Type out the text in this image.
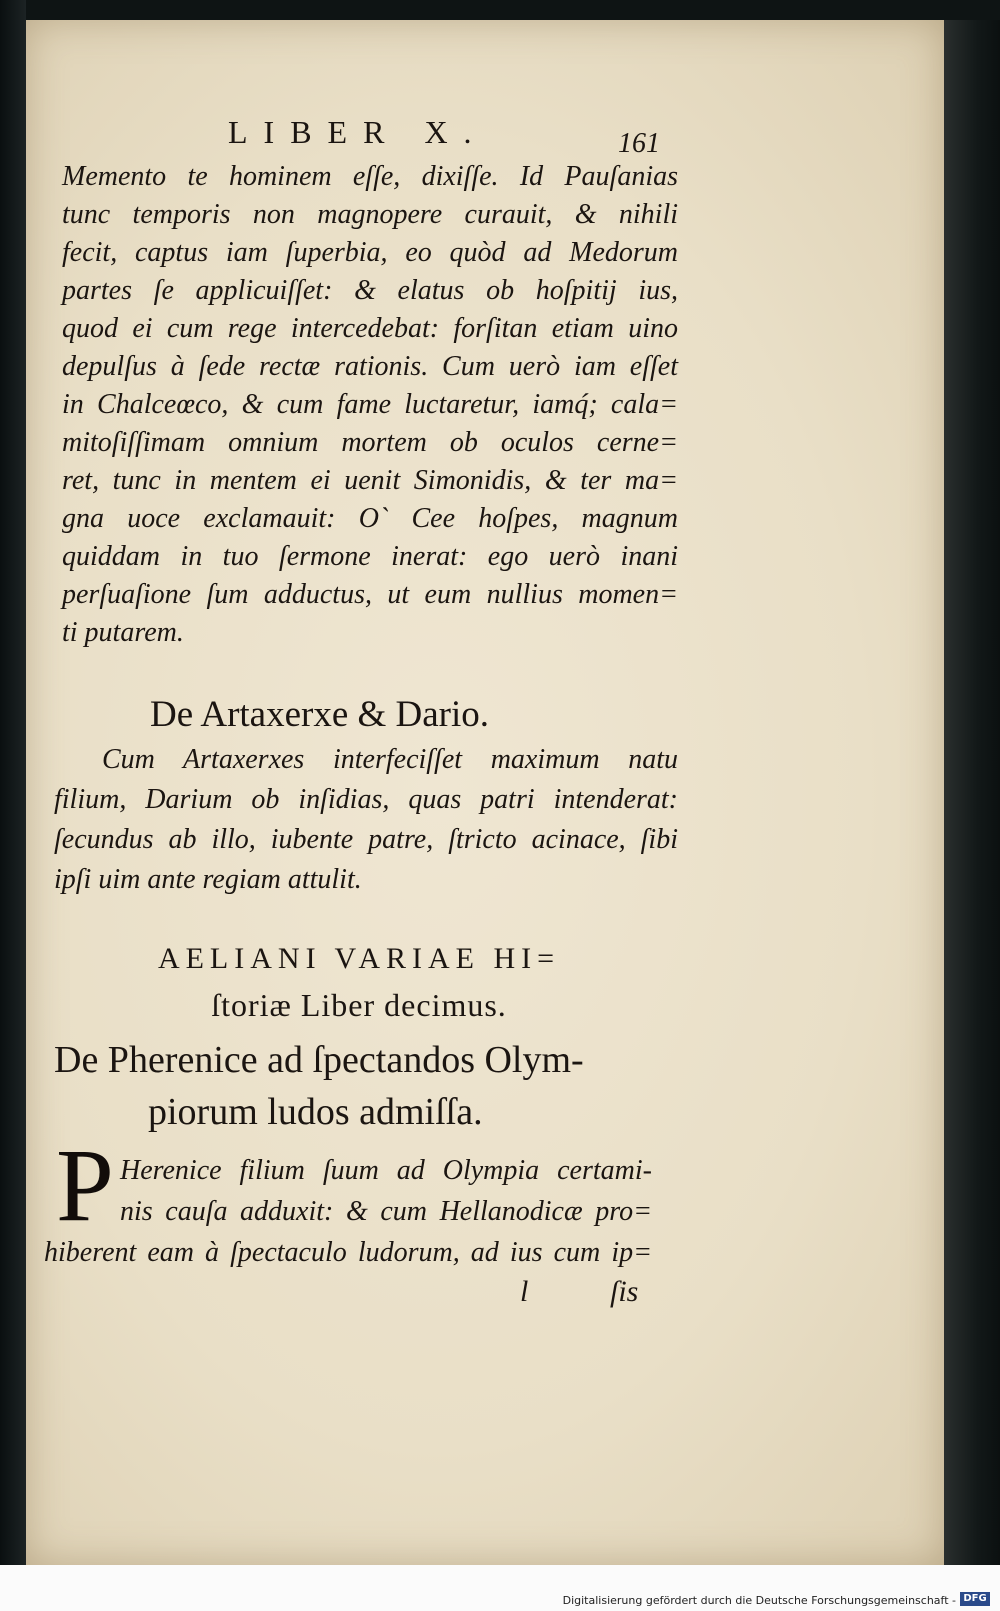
LIBER X.	161
Memento te hominem eſſe, dixiſſe. Id Pauſanias
tunc temporis non magnopere curauit, & nihili
fecit, captus iam ſuperbia, eo quòd ad Medorum
partes ſe applicuiſſet: & elatus ob hoſpitij ius,
quod ei cum rege intercedebat: forſitan etiam uino
depulſus à ſede rectæ rationis. Cum uerò iam eſſet
in Chalceœco, & cum fame luctaretur, iamq́; cala=
mitoſiſſimam omnium mortem ob oculos cerne=
ret, tunc in mentem ei uenit Simonidis, & ter ma=
gna uoce exclamauit: O` Cee hoſpes, magnum
quiddam in tuo ſermone inerat: ego uerò inani
perſuaſione ſum adductus, ut eum nullius momen=
ti putarem.
De Artaxerxe & Dario.
Cum Artaxerxes interfeciſſet maximum natu
filium, Darium ob inſidias, quas patri intenderat:
ſecundus ab illo, iubente patre, ſtricto acinace, ſibi
ipſi uim ante regiam attulit.
AELIANI VARIAE HI=
ſtoriæ Liber decimus.
De Pherenice ad ſpectandos Olym-
piorum ludos admiſſa.
P Herenice filium ſuum ad Olympia certami-
nis cauſa adduxit: & cum Hellanodicæ pro=
hiberent eam à ſpectaculo ludorum, ad ius cum ip=
l	ſis
Digitalisierung gefördert durch die Deutsche Forschungsgemeinschaft - DFG
